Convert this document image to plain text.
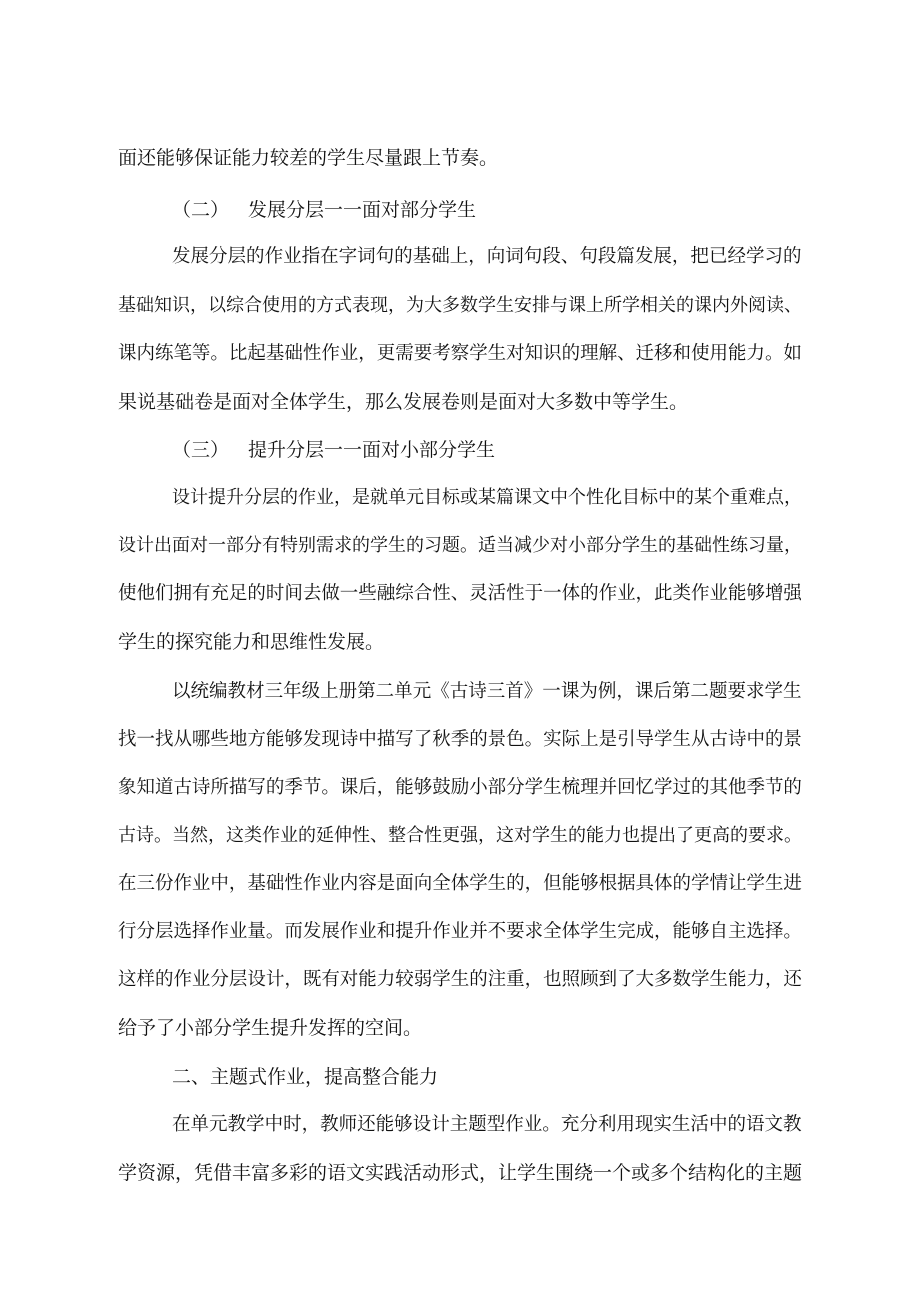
面还能够保证能力较差的学生尽量跟上节奏。
（二） 发展分层一一面对部分学生
发展分层的作业指在字词句的基础上，向词句段、句段篇发展，把已经学习的
基础知识，以综合使用的方式表现，为大多数学生安排与课上所学相关的课内外阅读、
课内练笔等。比起基础性作业，更需要考察学生对知识的理解、迁移和使用能力。如
果说基础卷是面对全体学生，那么发展卷则是面对大多数中等学生。
（三） 提升分层一一面对小部分学生
设计提升分层的作业，是就单元目标或某篇课文中个性化目标中的某个重难点，
设计出面对一部分有特别需求的学生的习题。适当减少对小部分学生的基础性练习量，
使他们拥有充足的时间去做一些融综合性、灵活性于一体的作业，此类作业能够增强
学生的探究能力和思维性发展。
以统编教材三年级上册第二单元《古诗三首》一课为例，课后第二题要求学生
找一找从哪些地方能够发现诗中描写了秋季的景色。实际上是引导学生从古诗中的景
象知道古诗所描写的季节。课后，能够鼓励小部分学生梳理并回忆学过的其他季节的
古诗。当然，这类作业的延伸性、整合性更强，这对学生的能力也提出了更高的要求。
在三份作业中，基础性作业内容是面向全体学生的，但能够根据具体的学情让学生进
行分层选择作业量。而发展作业和提升作业并不要求全体学生完成，能够自主选择。
这样的作业分层设计，既有对能力较弱学生的注重，也照顾到了大多数学生能力，还
给予了小部分学生提升发挥的空间。
二、主题式作业，提高整合能力
在单元教学中时，教师还能够设计主题型作业。充分利用现实生活中的语文教
学资源，凭借丰富多彩的语文实践活动形式，让学生围绕一个或多个结构化的主题
